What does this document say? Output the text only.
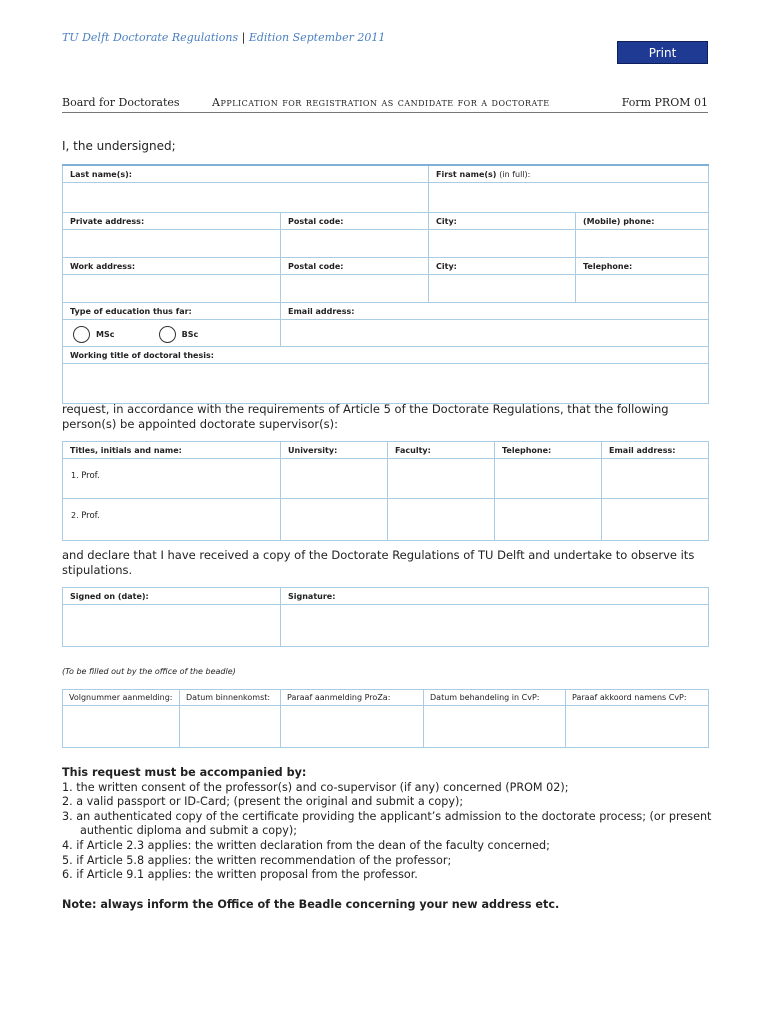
TU Delft Doctorate Regulations | Edition September 2011
Print
Board for Doctorates	Application for registration as candidate for a doctorate	Form PROM 01
I, the undersigned;
Last name(s):		First name(s) (in full):	

Private address:	Postal code:	City:	(Mobile) phone:

Work address:	Postal code:	City:	Telephone:

Type of education thus far:	Email address:		
MSc BSc			
Working title of doctoral thesis:			

request, in accordance with the requirements of Article 5 of the Doctorate Regulations, that the following person(s) be appointed doctorate supervisor(s):
Titles, initials and name:	University:	Faculty:	Telephone:	Email address:
1. Prof.				
2. Prof.				
and declare that I have received a copy of the Doctorate Regulations of TU Delft and undertake to observe its stipulations.
Signed on (date):	Signature:

(To be filled out by the office of the beadle)
Volgnummer aanmelding:	Datum binnenkomst:	Paraaf aanmelding ProZa:	Datum behandeling in CvP:	Paraaf akkoord namens CvP:

This request must be accompanied by:
1. the written consent of the professor(s) and co-supervisor (if any) concerned (PROM 02);
2. a valid passport or ID-Card; (present the original and submit a copy);
3. an authenticated copy of the certificate providing the applicant’s admission to the doctorate process; (or present authentic diploma and submit a copy);
4. if Article 2.3 applies: the written declaration from the dean of the faculty concerned;
5. if Article 5.8 applies: the written recommendation of the professor;
6. if Article 9.1 applies: the written proposal from the professor.
Note: always inform the Office of the Beadle concerning your new address etc.
